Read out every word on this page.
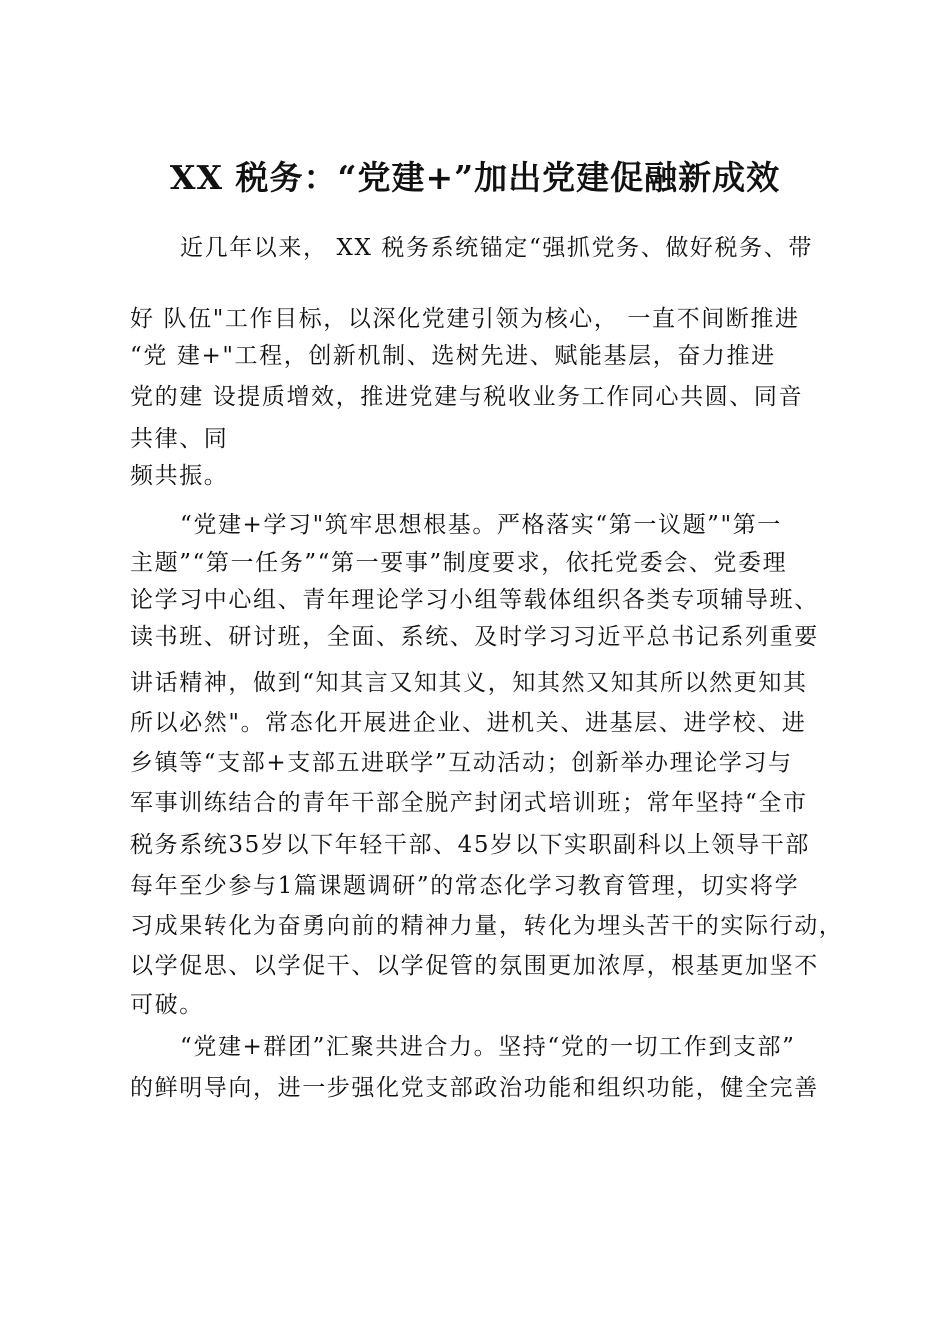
XX 税务：“党建+”加出党建促融新成效
近几年以来， XX 税务系统锚定“强抓党务、做好税务、带
好 队伍"工作目标，以深化党建引领为核心， 一直不间断推进
“党 建+"工程，创新机制、选树先进、赋能基层，奋力推进
党的建 设提质增效，推进党建与税收业务工作同心共圆、同音
共律、同
频共振。
“党建+学习"筑牢思想根基。严格落实“第一议题”"第一
主题”“第一任务”“第一要事”制度要求，依托党委会、党委理
论学习中心组、青年理论学习小组等载体组织各类专项辅导班、
读书班、研讨班，全面、系统、及时学习习近平总书记系列重要
讲话精神，做到“知其言又知其义，知其然又知其所以然更知其
所以必然"。常态化开展进企业、进机关、进基层、进学校、进
乡镇等“支部+支部五进联学”互动活动；创新举办理论学习与
军事训练结合的青年干部全脱产封闭式培训班；常年坚持“全市
税务系统35岁以下年轻干部、45岁以下实职副科以上领导干部
每年至少参与1篇课题调研”的常态化学习教育管理，切实将学
习成果转化为奋勇向前的精神力量，转化为埋头苦干的实际行动，
以学促思、以学促干、以学促管的氛围更加浓厚，根基更加坚不
可破。
“党建+群团”汇聚共进合力。坚持“党的一切工作到支部”
的鲜明导向，进一步强化党支部政治功能和组织功能，健全完善
